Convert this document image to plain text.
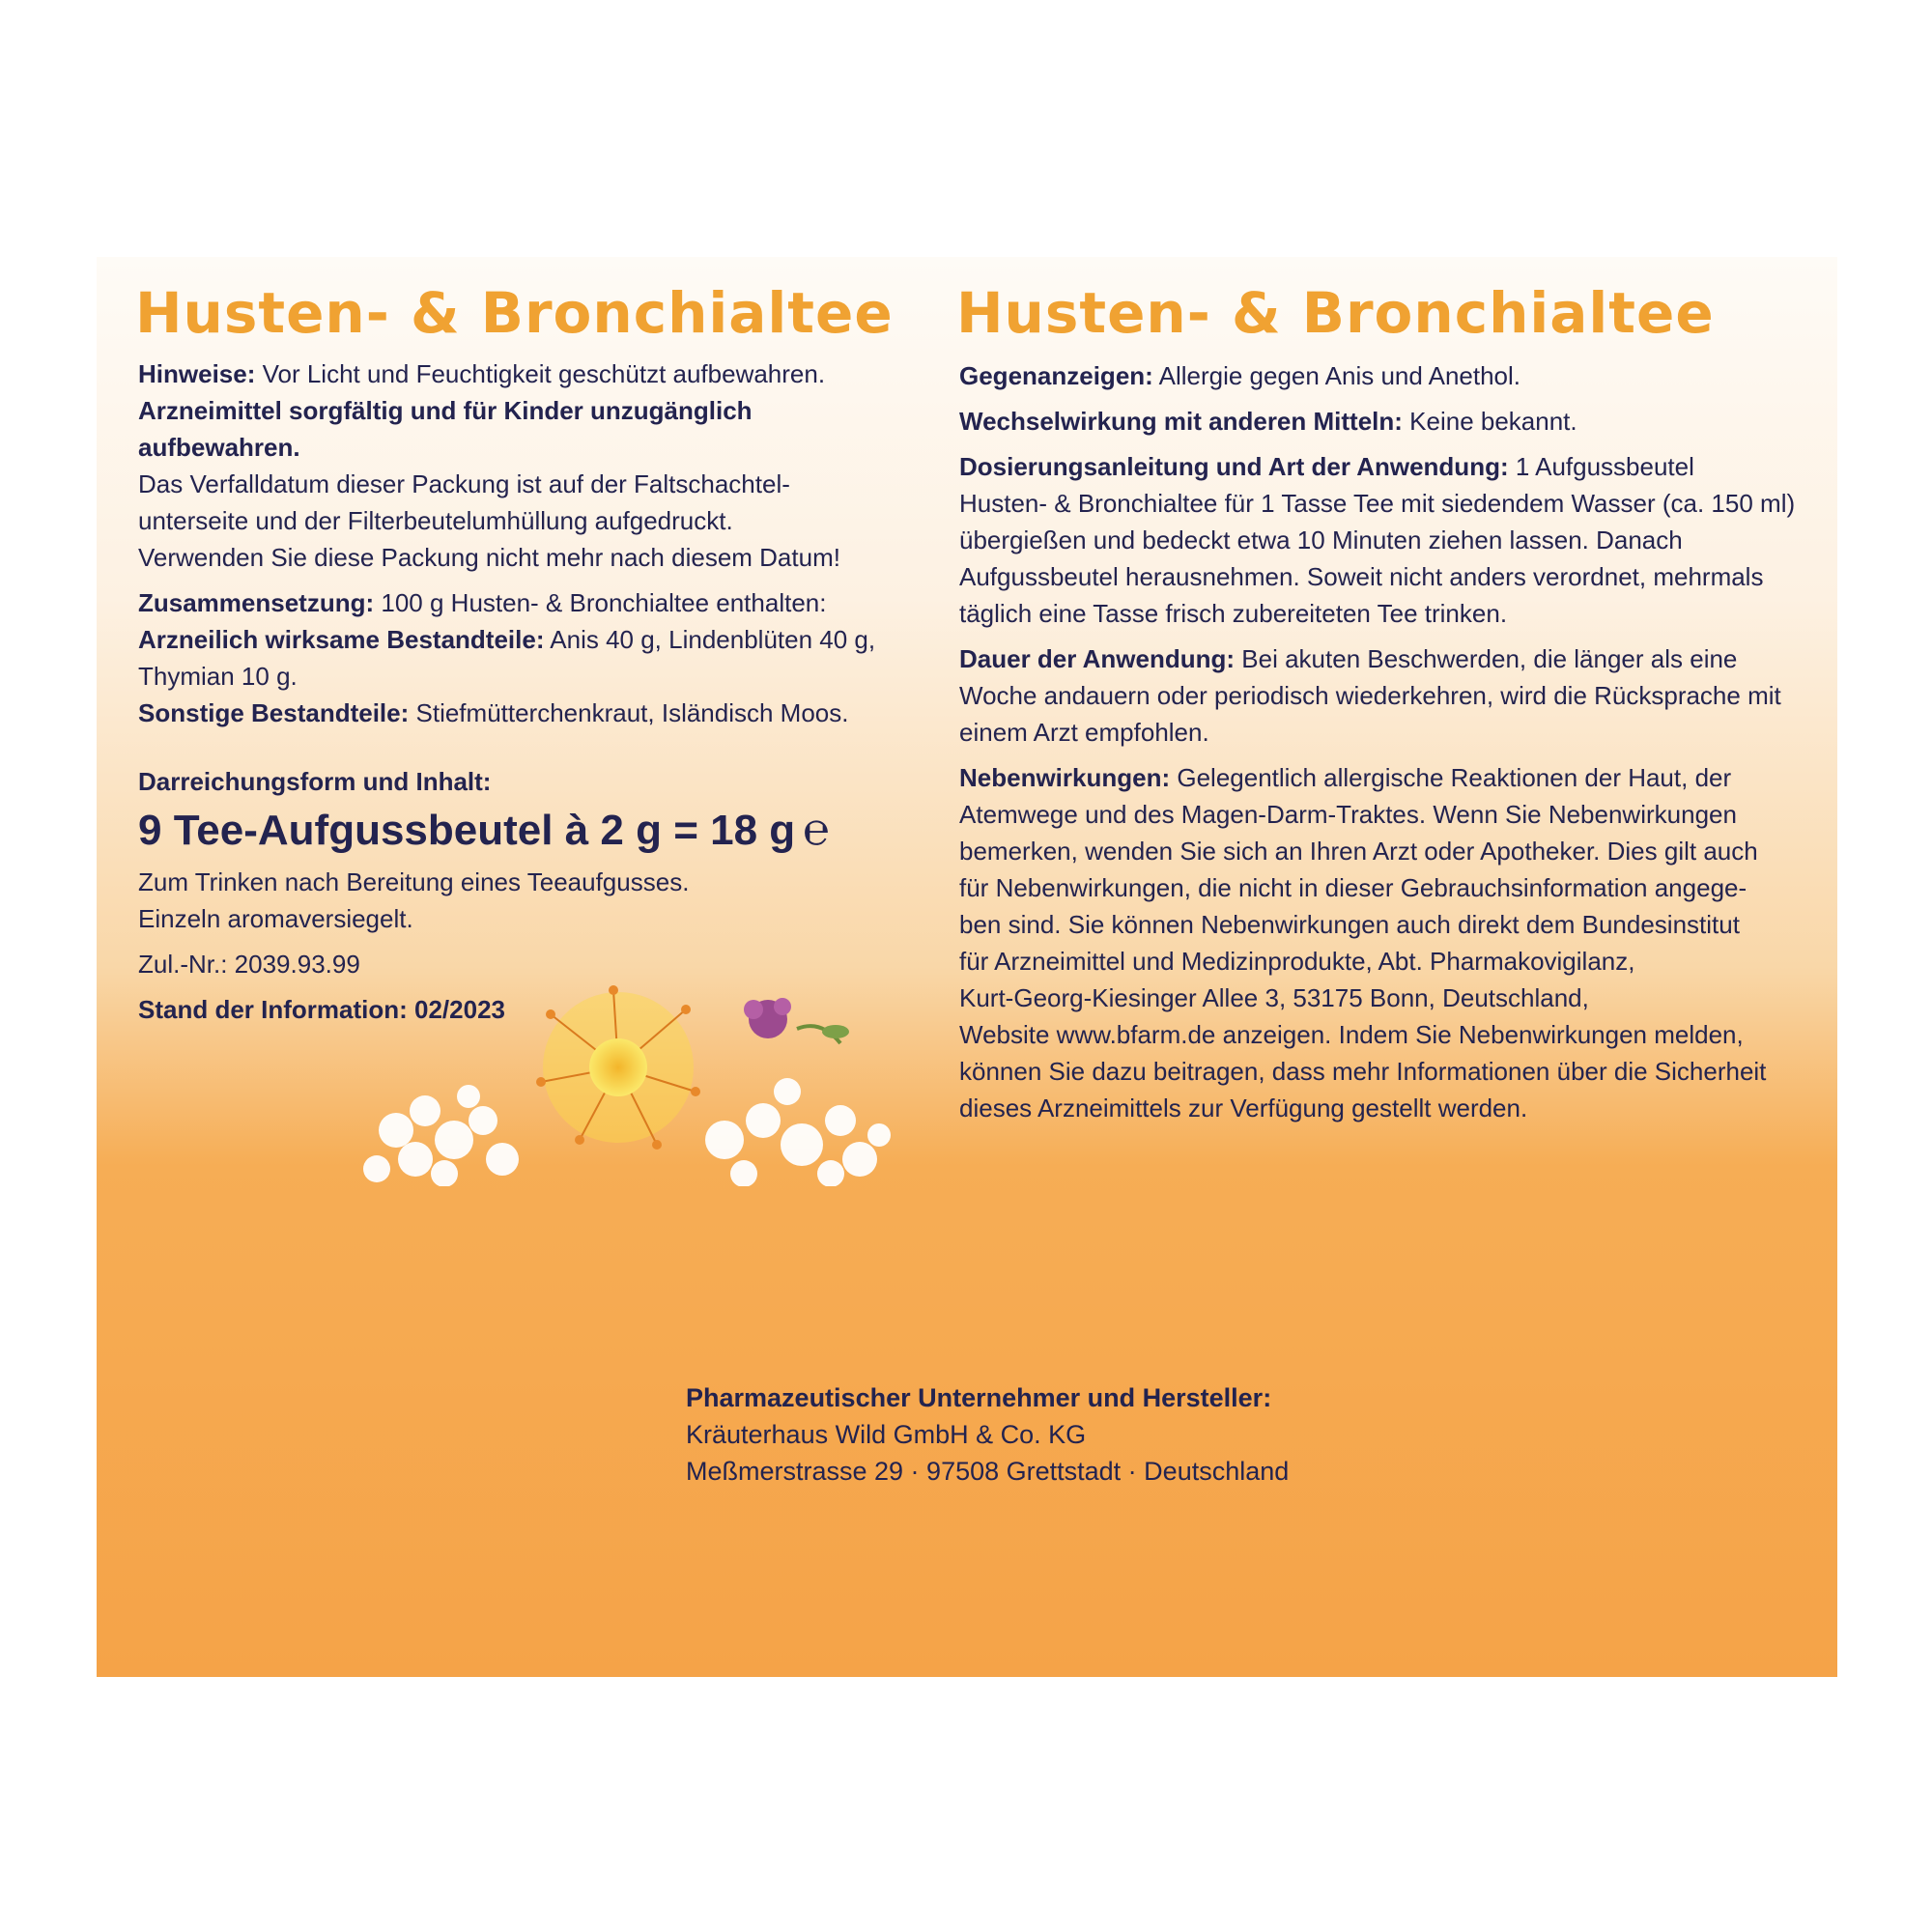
Husten- & Bronchialtee Husten- & Bronchialtee
Hinweise: Vor Licht und Feuchtigkeit geschützt aufbewahren.
Arzneimittel sorgfältig und für Kinder unzugänglich
aufbewahren.
Das Verfalldatum dieser Packung ist auf der Faltschachtel-
unterseite und der Filterbeutelumhüllung aufgedruckt.
Verwenden Sie diese Packung nicht mehr nach diesem Datum!
Zusammensetzung: 100 g Husten- & Bronchialtee enthalten:
Arzneilich wirksame Bestandteile: Anis 40 g, Lindenblüten 40 g,
Thymian 10 g.
Sonstige Bestandteile: Stiefmütterchenkraut, Isländisch Moos.
Darreichungsform und Inhalt:
9 Tee-Aufgussbeutel à 2 g = 18 g ℮
Zum Trinken nach Bereitung eines Teeaufgusses.
Einzeln aromaversiegelt.
Zul.-Nr.: 2039.93.99
Stand der Information: 02/2023

Gegenanzeigen: Allergie gegen Anis und Anethol.

Wechselwirkung mit anderen Mitteln: Keine bekannt.

Dosierungsanleitung und Art der Anwendung: 1 Aufgussbeutel
Husten- & Bronchialtee für 1 Tasse Tee mit siedendem Wasser (ca. 150 ml)
übergießen und bedeckt etwa 10 Minuten ziehen lassen. Danach
Aufgussbeutel herausnehmen. Soweit nicht anders verordnet, mehrmals
täglich eine Tasse frisch zubereiteten Tee trinken.

Dauer der Anwendung: Bei akuten Beschwerden, die länger als eine
Woche andauern oder periodisch wiederkehren, wird die Rücksprache mit
einem Arzt empfohlen.

Nebenwirkungen: Gelegentlich allergische Reaktionen der Haut, der
Atemwege und des Magen-Darm-Traktes. Wenn Sie Nebenwirkungen
bemerken, wenden Sie sich an Ihren Arzt oder Apotheker. Dies gilt auch
für Nebenwirkungen, die nicht in dieser Gebrauchsinformation angege-
ben sind. Sie können Nebenwirkungen auch direkt dem Bundesinstitut
für Arzneimittel und Medizinprodukte, Abt. Pharmakovigilanz,
Kurt-Georg-Kiesinger Allee 3, 53175 Bonn, Deutschland,
Website www.bfarm.de anzeigen. Indem Sie Nebenwirkungen melden,
können Sie dazu beitragen, dass mehr Informationen über die Sicherheit
dieses Arzneimittels zur Verfügung gestellt werden.

Pharmazeutischer Unternehmer und Hersteller:
Kräuterhaus Wild GmbH & Co. KG
Meßmerstrasse 29 · 97508 Grettstadt · Deutschland
